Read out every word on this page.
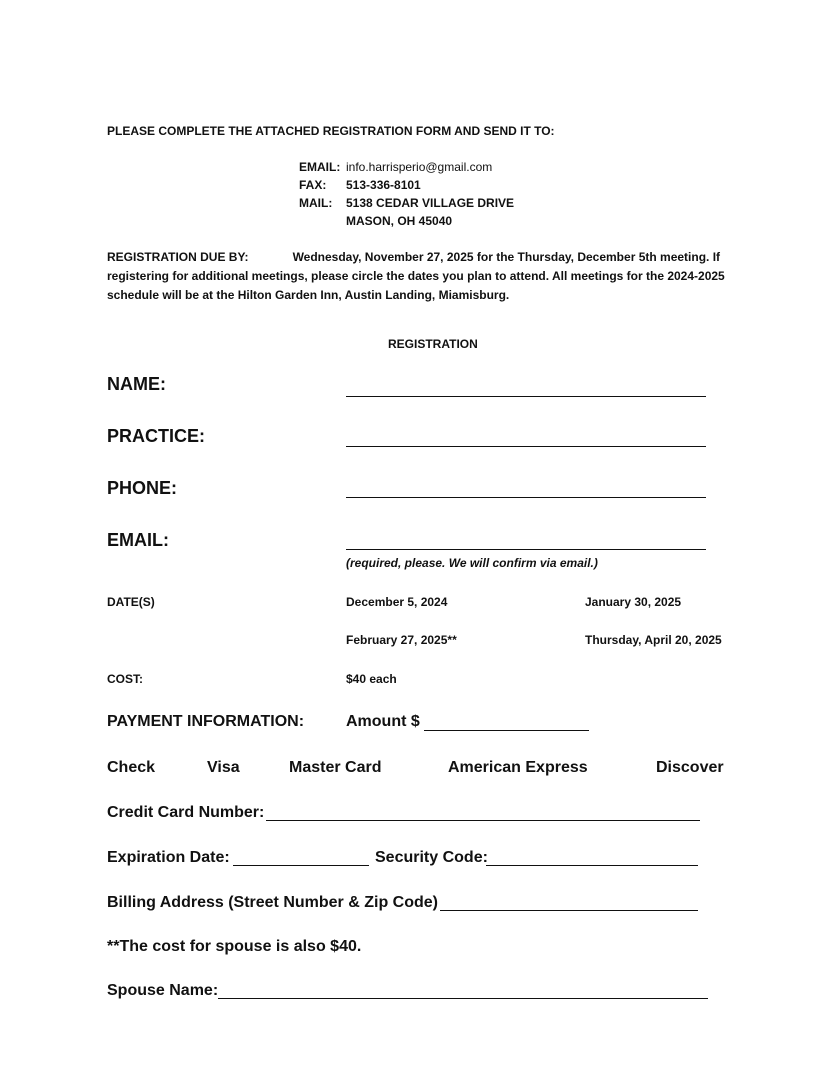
PLEASE COMPLETE THE ATTACHED REGISTRATION FORM AND SEND IT TO:
EMAIL: info.harrisperio@gmail.com
FAX: 513-336-8101
MAIL: 5138 CEDAR VILLAGE DRIVE
MASON, OH 45040
REGISTRATION DUE BY:	Wednesday, November 27, 2025 for the Thursday, December 5th meeting. If registering for additional meetings, please circle the dates you plan to attend. All meetings for the 2024-2025 schedule will be at the Hilton Garden Inn, Austin Landing, Miamisburg.
REGISTRATION
NAME:
PRACTICE:
PHONE:
EMAIL:
(required, please. We will confirm via email.)
DATE(S)	December 5, 2024	January 30, 2025
February 27, 2025**	Thursday, April 20, 2025
COST:	$40 each
PAYMENT INFORMATION:	Amount $
Check	Visa	Master Card	American Express	Discover
Credit Card Number:
Expiration Date:	Security Code:
Billing Address (Street Number & Zip Code)
**The cost for spouse is also $40.
Spouse Name:
